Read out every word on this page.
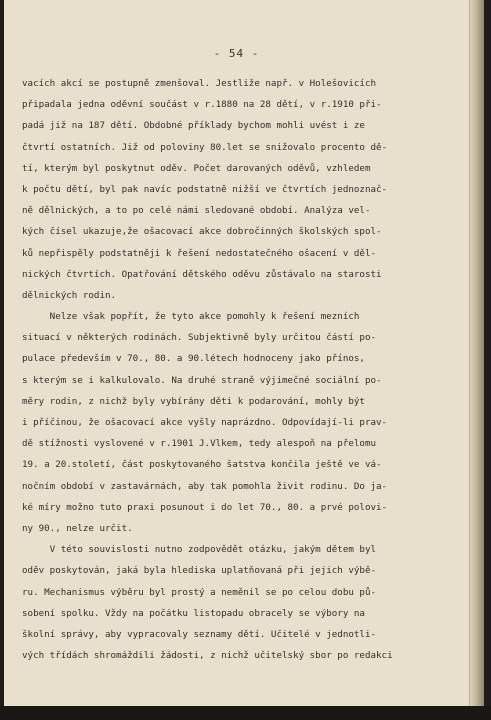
- 54 -
vacích akcí se postupně zmenšoval. Jestliže např. v Holešovicích
připadala jedna oděvní součást v r.1880 na 28 dětí, v r.1910 při-
padá již na 187 dětí. Obdobné příklady bychom mohli uvést i ze
čtvrtí ostatních. Již od poloviny 80.let se snižovalo procento dě-
tí, kterým byl poskytnut oděv. Počet darovaných oděvů, vzhledem
k počtu dětí, byl pak navíc podstatně nižší ve čtvrtích jednoznač-
ně dělnických, a to po celé námi sledované období. Analýza vel-
kých čísel ukazuje,že ošacovací akce dobročinných školských spol-
ků nepřispěly podstatněji k řešení nedostatečného ošacení v děl-
nických čtvrtích. Opatřování dětského oděvu zůstávalo na starosti
dělnických rodin.
Nelze však popřít, že tyto akce pomohly k řešení mezních
situací v některých rodinách. Subjektivně byly určitou částí po-
pulace především v 70., 80. a 90.létech hodnoceny jako přínos,
s kterým se i kalkulovalo. Na druhé straně výjimečné sociální po-
měry rodin, z nichž byly vybírány děti k podarování, mohly být
i příčinou, že ošacovací akce vyšly naprázdno. Odpovídají-li prav-
dě stížnosti vyslovené v r.1901 J.Vlkem, tedy alespoň na přelomu
19. a 20.století, část poskytovaného šatstva končila ještě ve vá-
nočním období v zastavárnách, aby tak pomohla živit rodinu. Do ja-
ké míry možno tuto praxi posunout i do let 70., 80. a prvé polovi-
ny 90., nelze určit.
V této souvislosti nutno zodpovědět otázku, jakým dětem byl
oděv poskytován, jaká byla hlediska uplatňovaná při jejich výbě-
ru. Mechanismus výběru byl prostý a neměnil se po celou dobu pů-
sobení spolku. Vždy na počátku listopadu obracely se výbory na
školní správy, aby vypracovaly seznamy dětí. Učitelé v jednotli-
vých třídách shromáždili žádosti, z nichž učitelský sbor po redakci
